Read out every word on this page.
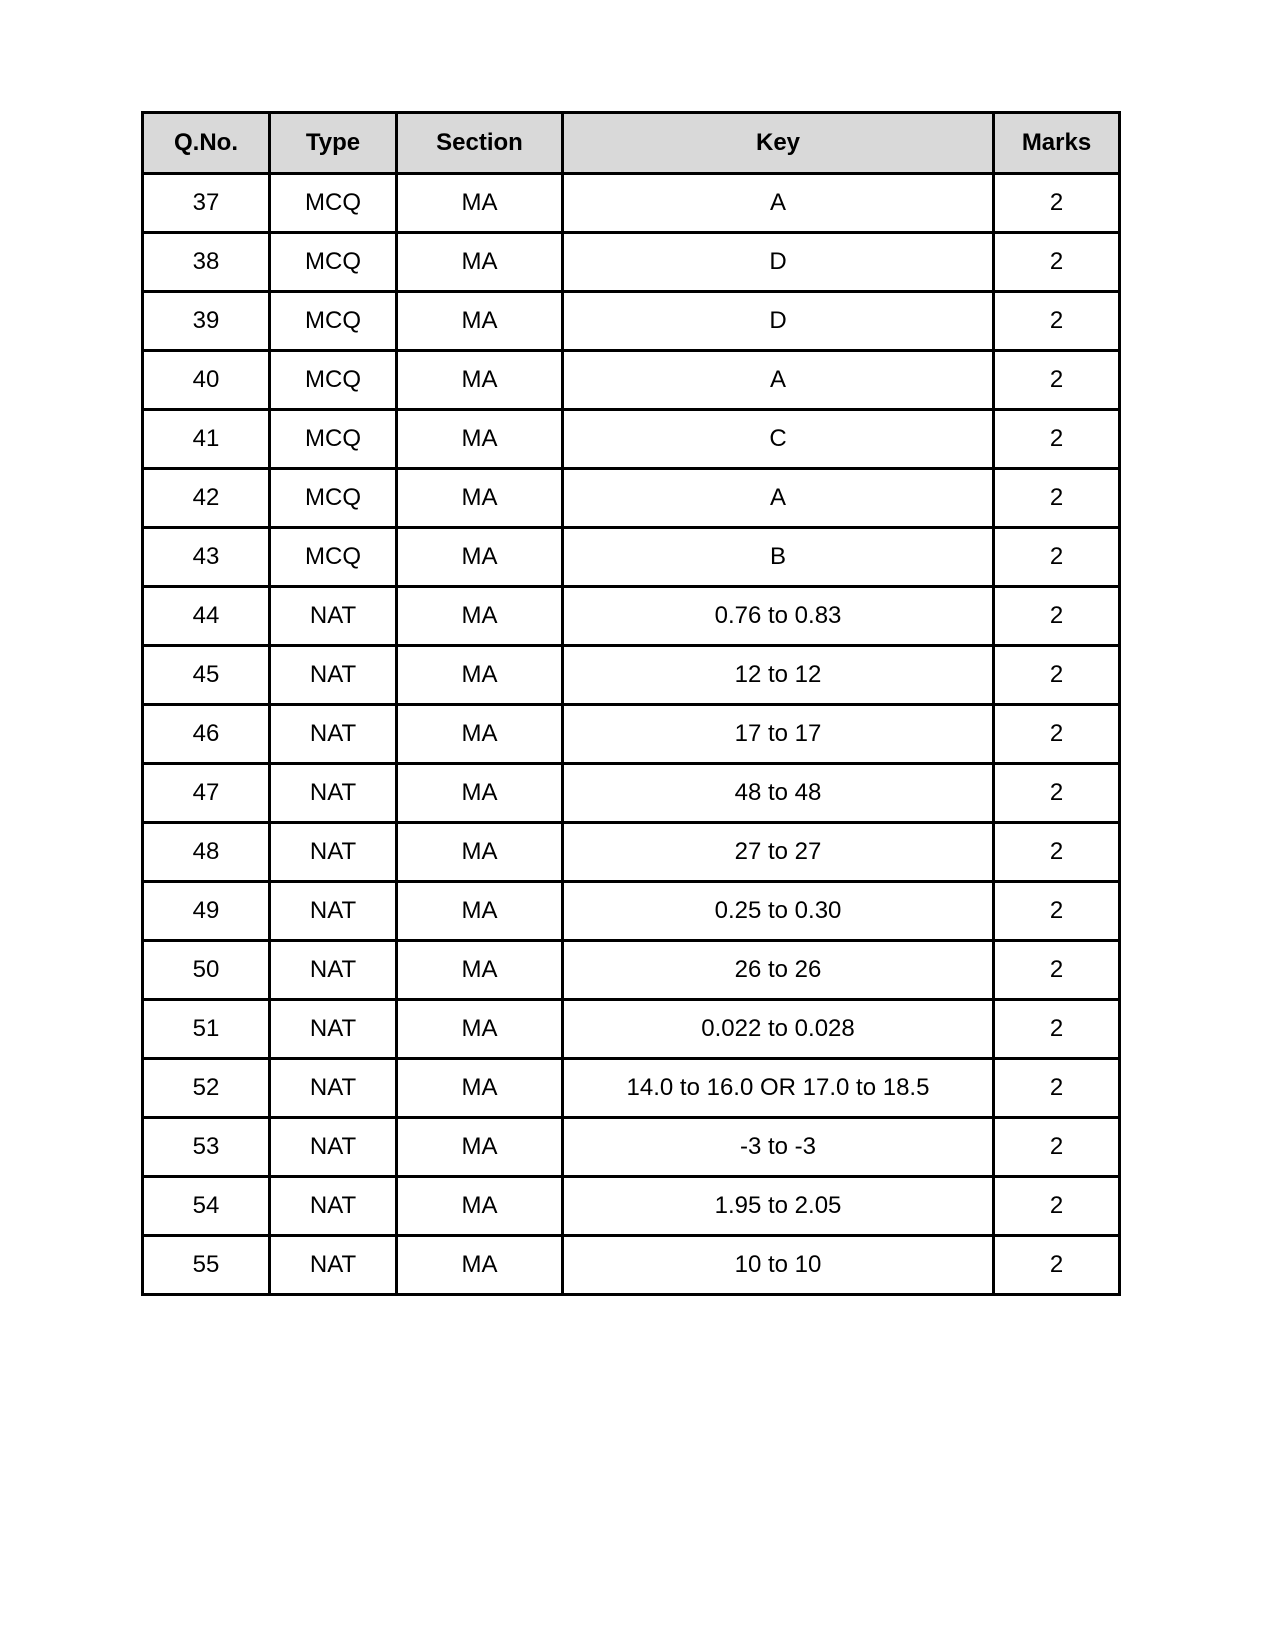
Q.No.	Type	Section	Key	Marks
37	MCQ	MA	A	2
38	MCQ	MA	D	2
39	MCQ	MA	D	2
40	MCQ	MA	A	2
41	MCQ	MA	C	2
42	MCQ	MA	A	2
43	MCQ	MA	B	2
44	NAT	MA	0.76 to 0.83	2
45	NAT	MA	12 to 12	2
46	NAT	MA	17 to 17	2
47	NAT	MA	48 to 48	2
48	NAT	MA	27 to 27	2
49	NAT	MA	0.25 to 0.30	2
50	NAT	MA	26 to 26	2
51	NAT	MA	0.022 to 0.028	2
52	NAT	MA	14.0 to 16.0 OR 17.0 to 18.5	2
53	NAT	MA	-3 to -3	2
54	NAT	MA	1.95 to 2.05	2
55	NAT	MA	10 to 10	2
